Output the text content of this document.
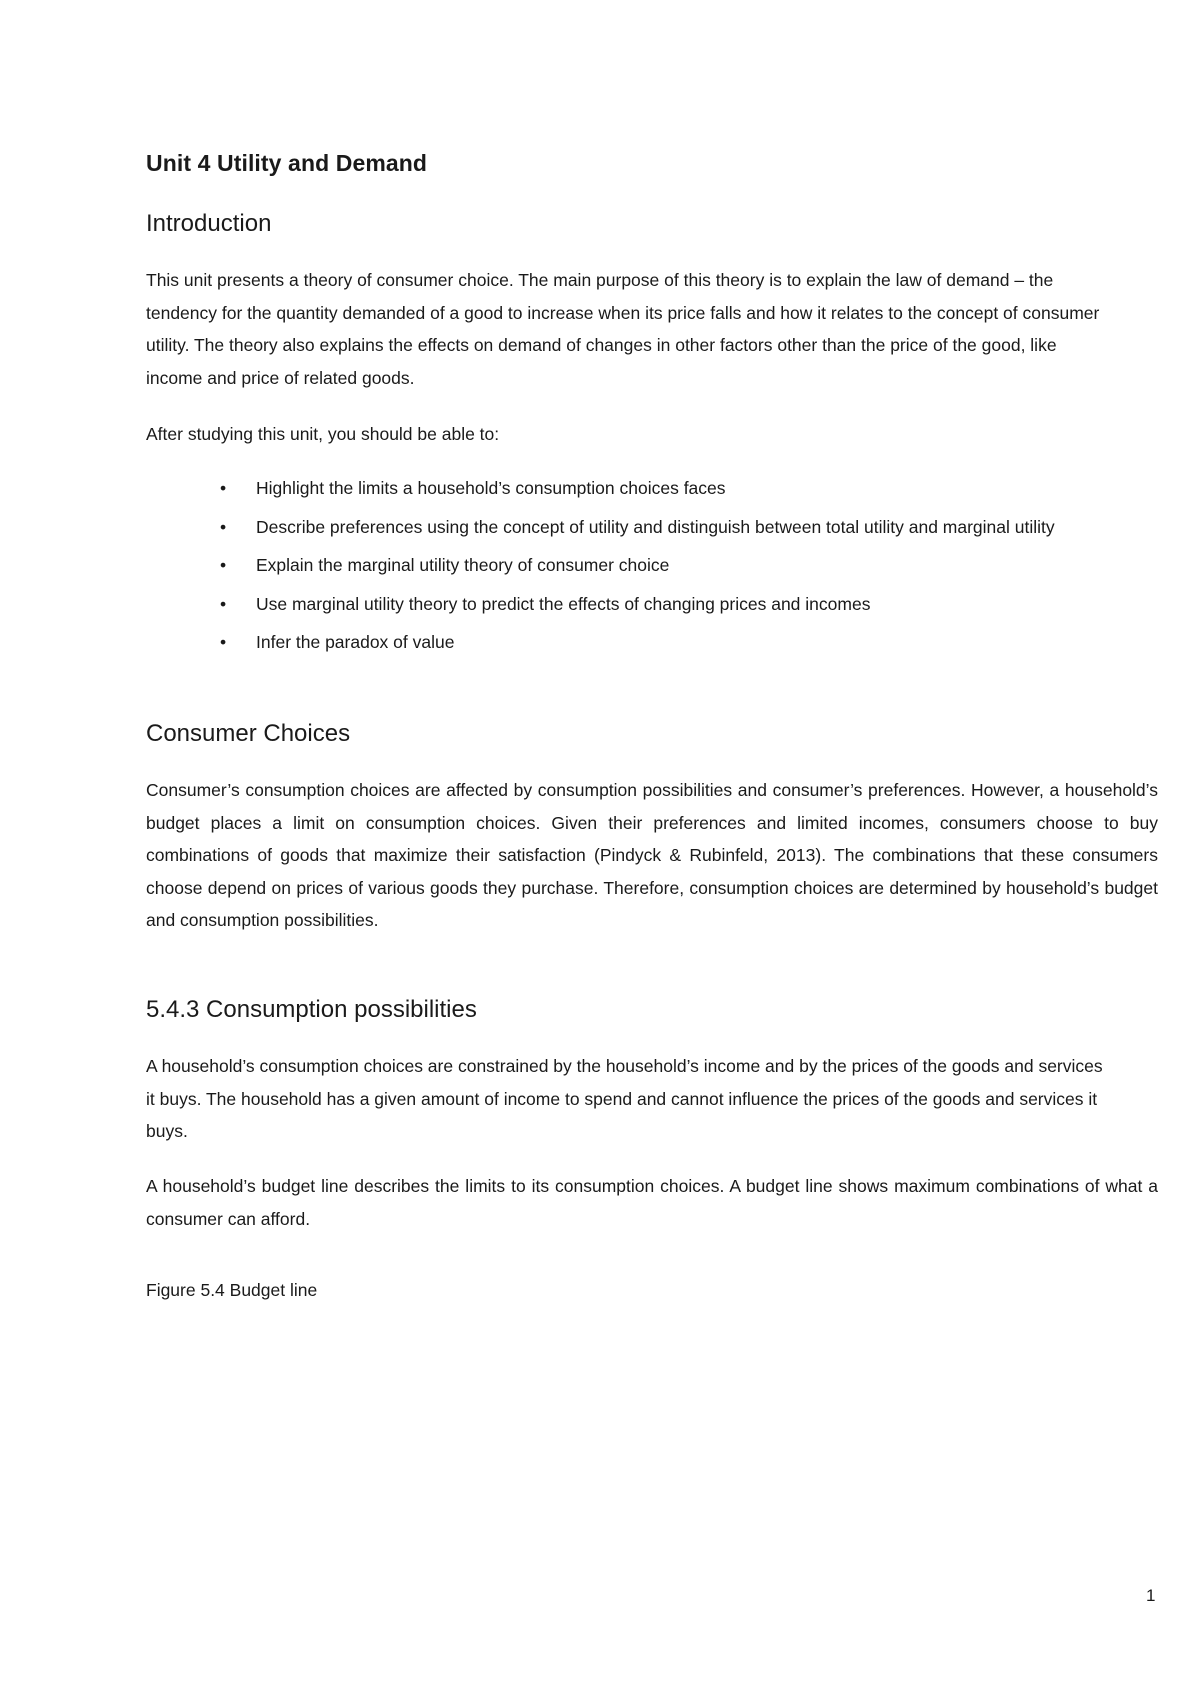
Unit 4 Utility and Demand
Introduction

This unit presents a theory of consumer choice. The main purpose of this theory is to explain the law of demand – the tendency for the quantity demanded of a good to increase when its price falls and how it relates to the concept of consumer utility. The theory also explains the effects on demand of changes in other factors other than the price of the good, like income and price of related goods.

After studying this unit, you should be able to:

•	Highlight the limits a household’s consumption choices faces
•	Describe preferences using the concept of utility and distinguish between total utility and marginal utility
•	Explain the marginal utility theory of consumer choice
•	Use marginal utility theory to predict the effects of changing prices and incomes
•	Infer the paradox of value
Consumer Choices

Consumer’s consumption choices are affected by consumption possibilities and consumer’s preferences. However, a household’s budget places a limit on consumption choices. Given their preferences and limited incomes, consumers choose to buy combinations of goods that maximize their satisfaction (Pindyck & Rubinfeld, 2013). The combinations that these consumers choose depend on prices of various goods they purchase. Therefore, consumption choices are determined by household’s budget and consumption possibilities.

5.4.3 Consumption possibilities

A household’s consumption choices are constrained by the household’s income and by the prices of the goods and services it buys. The household has a given amount of income to spend and cannot influence the prices of the goods and services it buys.

A household’s budget line describes the limits to its consumption choices. A budget line shows maximum combinations of what a consumer can afford.

Figure 5.4 Budget line

1
